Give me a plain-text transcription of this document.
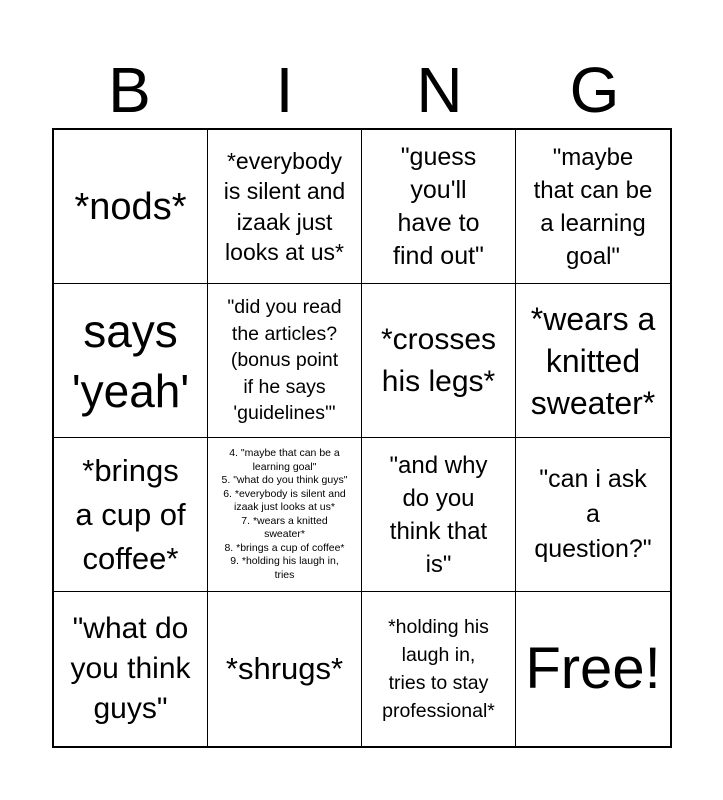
B	I	N	G
*nods*
*everybody
is silent and
izaak just
looks at us*
"guess
you'll
have to
find out"
"maybe
that can be
a learning
goal"
says
'yeah'
"did you read
the articles?
(bonus point
if he says
'guidelines'"
*crosses
his legs*
*wears a
knitted
sweater*
*brings
a cup of
coffee*
4. "maybe that can be a
learning goal"
5. "what do you think guys"
6. *everybody is silent and
izaak just looks at us*
7. *wears a knitted
sweater*
8. *brings a cup of coffee*
9. *holding his laugh in,
tries
"and why
do you
think that
is"
"can i ask
a
question?"
"what do
you think
guys"
*shrugs*
*holding his
laugh in,
tries to stay
professional*
Free!
